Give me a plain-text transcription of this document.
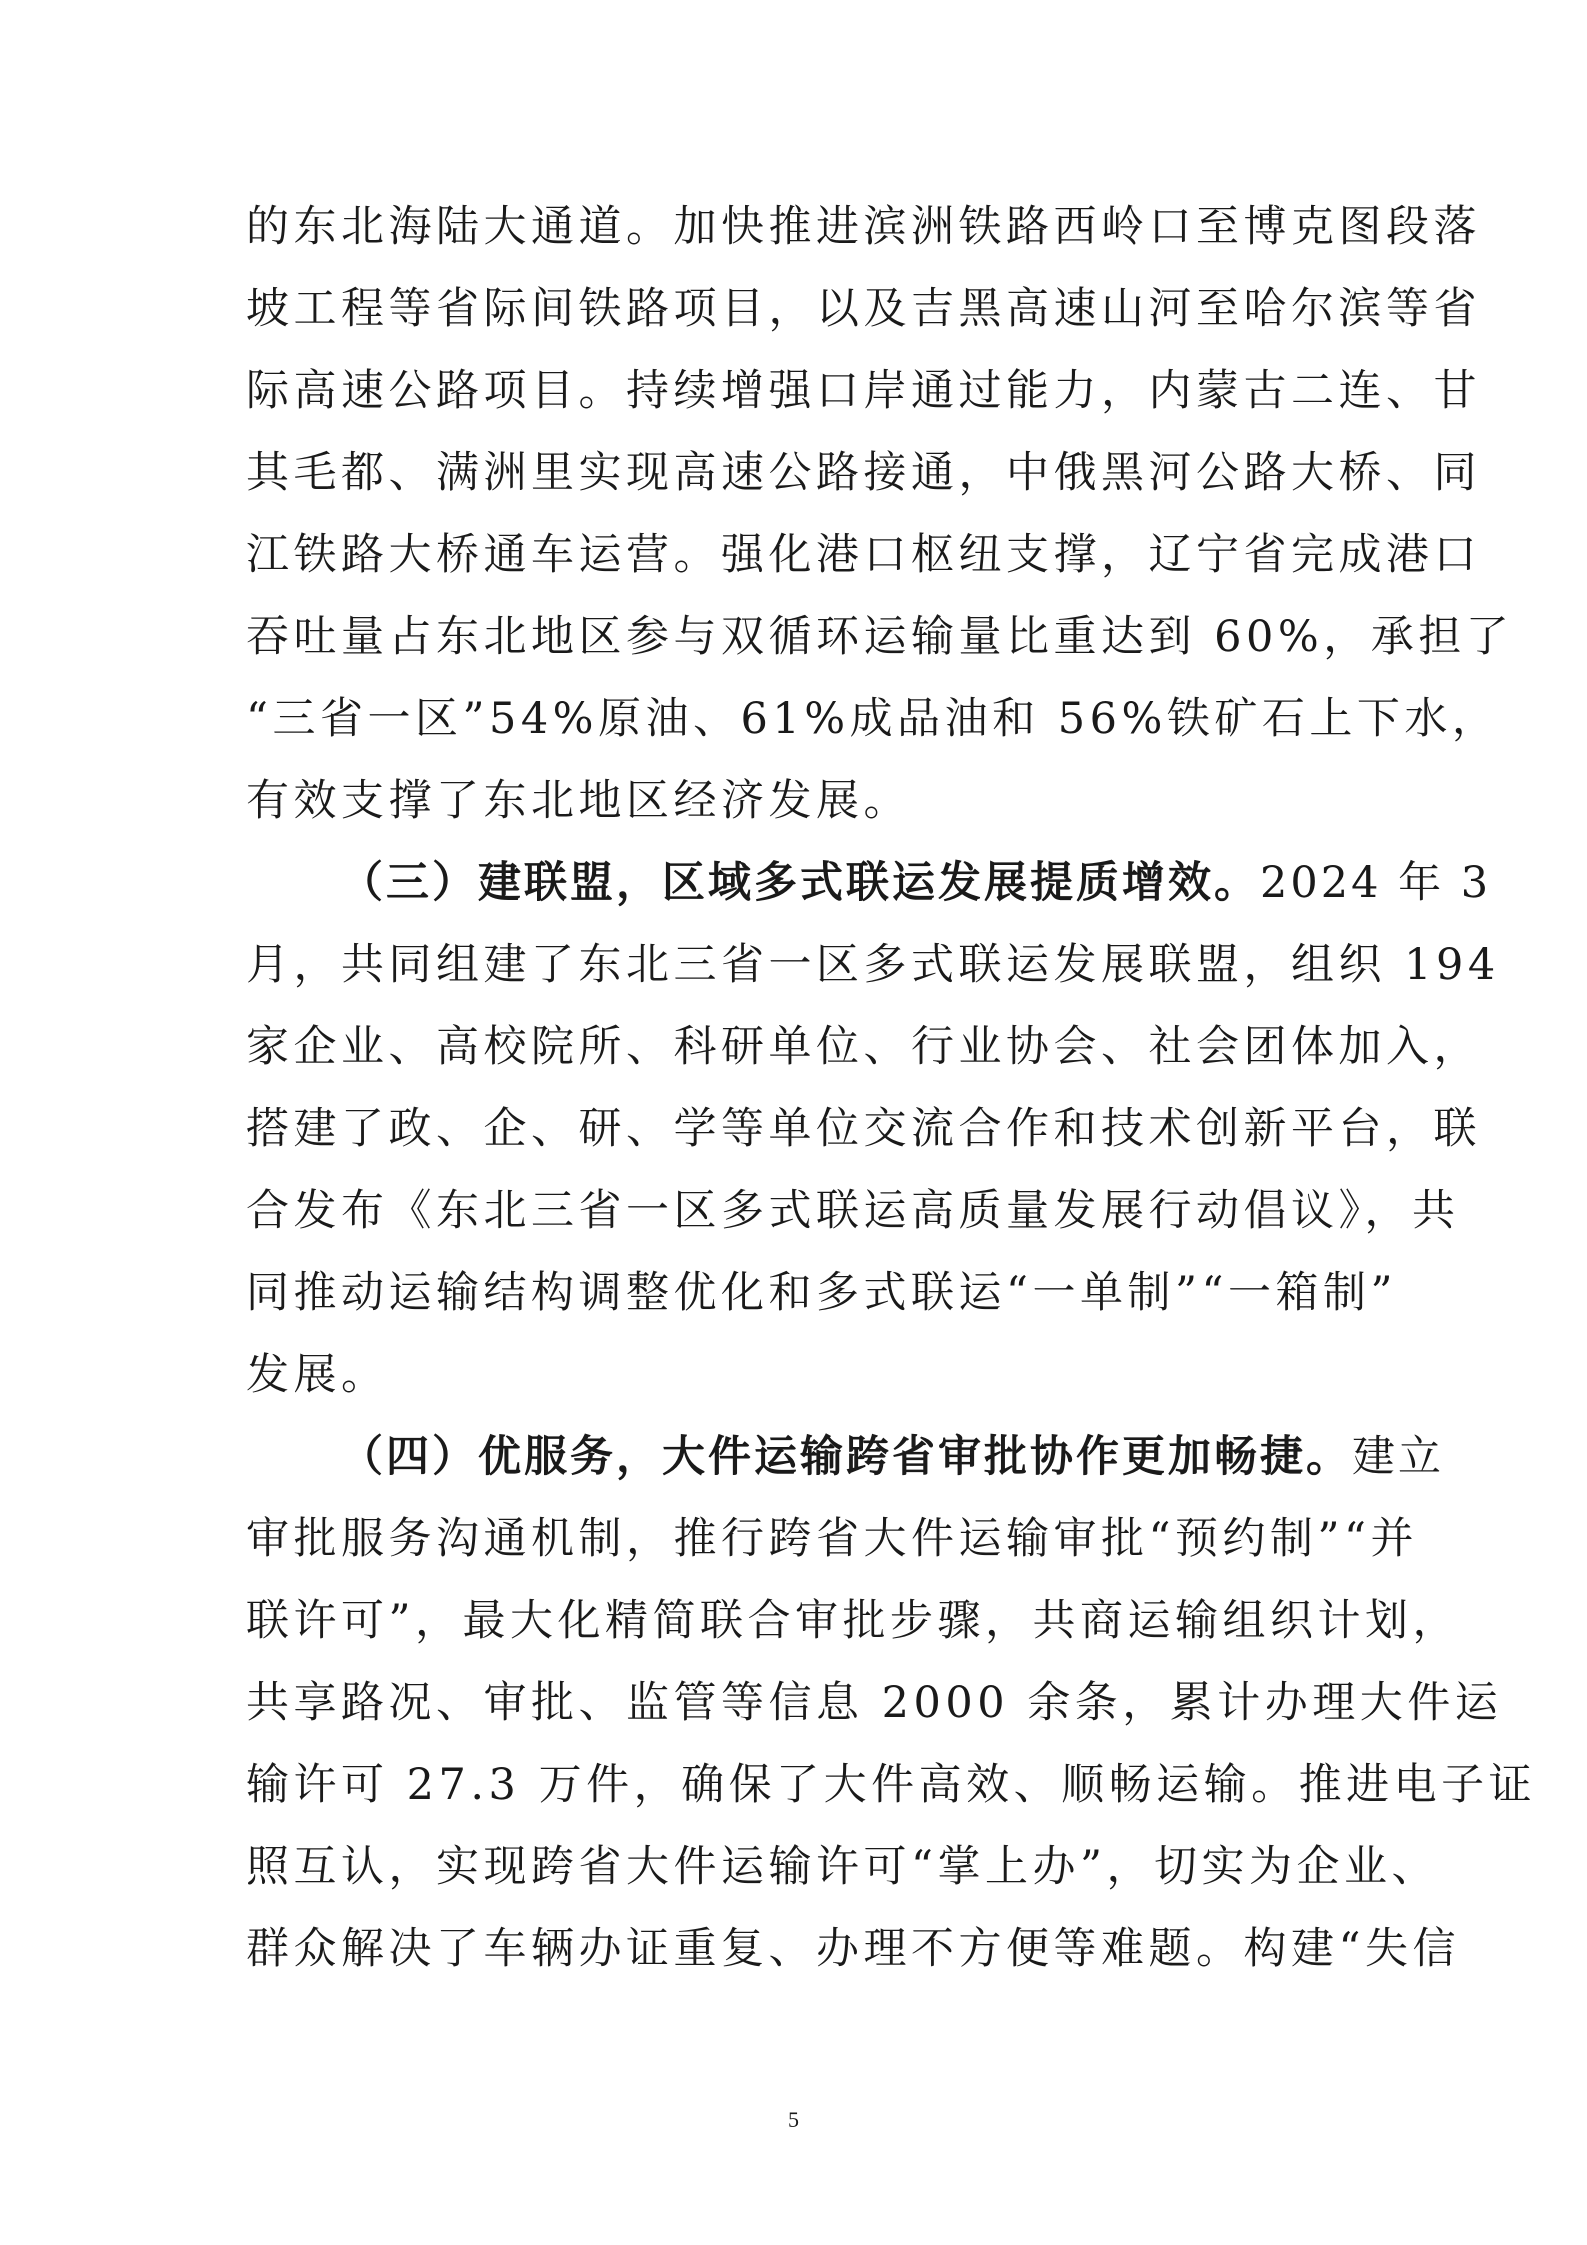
的东北海陆大通道。加快推进滨洲铁路西岭口至博克图段落
坡工程等省际间铁路项目，以及吉黑高速山河至哈尔滨等省
际高速公路项目。持续增强口岸通过能力，内蒙古二连、甘
其毛都、满洲里实现高速公路接通，中俄黑河公路大桥、同
江铁路大桥通车运营。强化港口枢纽支撑，辽宁省完成港口
吞吐量占东北地区参与双循环运输量比重达到 60%，承担了
“三省一区”54%原油、61%成品油和 56%铁矿石上下水，
有效支撑了东北地区经济发展。
（三）建联盟，区域多式联运发展提质增效。2024 年 3
月，共同组建了东北三省一区多式联运发展联盟，组织 194
家企业、高校院所、科研单位、行业协会、社会团体加入，
搭建了政、企、研、学等单位交流合作和技术创新平台，联
合发布《东北三省一区多式联运高质量发展行动倡议》，共
同推动运输结构调整优化和多式联运“一单制”“一箱制”
发展。
（四）优服务，大件运输跨省审批协作更加畅捷。建立
审批服务沟通机制，推行跨省大件运输审批“预约制”“并
联许可”，最大化精简联合审批步骤，共商运输组织计划，
共享路况、审批、监管等信息 2000 余条，累计办理大件运
输许可 27.3 万件，确保了大件高效、顺畅运输。推进电子证
照互认，实现跨省大件运输许可“掌上办”，切实为企业、
群众解决了车辆办证重复、办理不方便等难题。构建“失信
5
